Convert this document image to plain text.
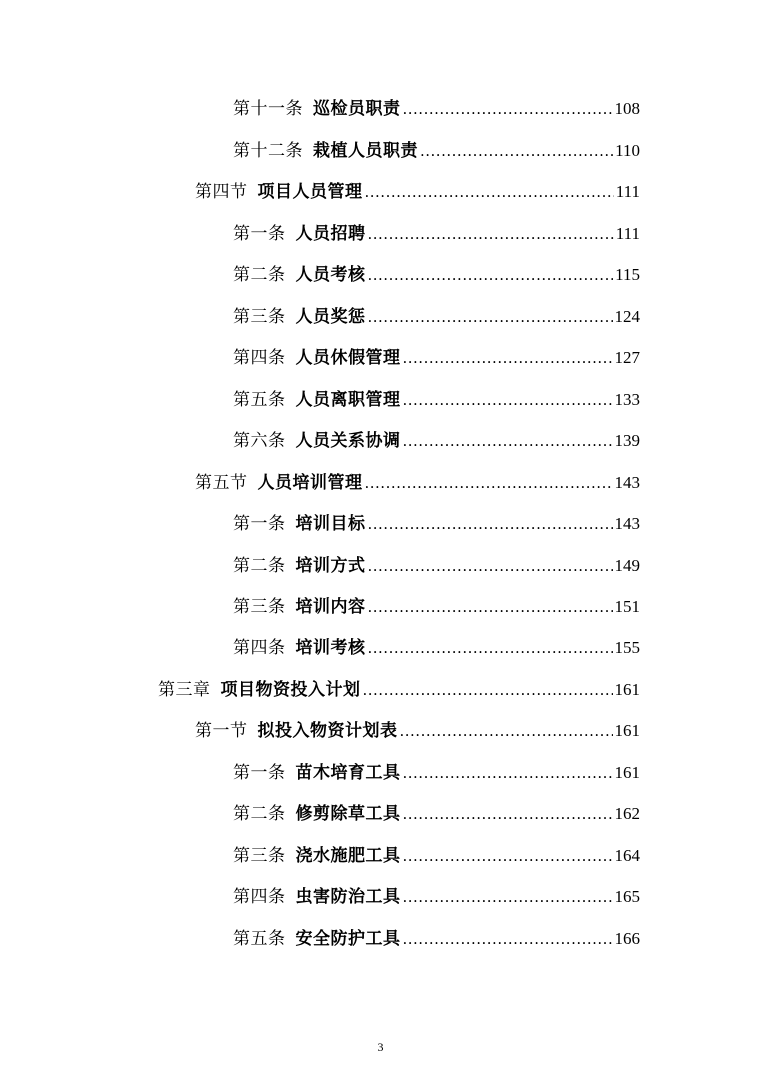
第十一条 巡检员职责 .....	108
第十二条 栽植人员职责 .....	110
第四节 项目人员管理 .....	111
第一条 人员招聘 .....	111
第二条 人员考核 .....	115
第三条 人员奖惩 .....	124
第四条 人员休假管理 .....	127
第五条 人员离职管理 .....	133
第六条 人员关系协调 .....	139
第五节 人员培训管理 .....	143
第一条 培训目标 .....	143
第二条 培训方式 .....	149
第三条 培训内容 .....	151
第四条 培训考核 .....	155
第三章 项目物资投入计划 .....	161
第一节 拟投入物资计划表 .....	161
第一条 苗木培育工具 .....	161
第二条 修剪除草工具 .....	162
第三条 浇水施肥工具 .....	164
第四条 虫害防治工具 .....	165
第五条 安全防护工具 .....	166
3
